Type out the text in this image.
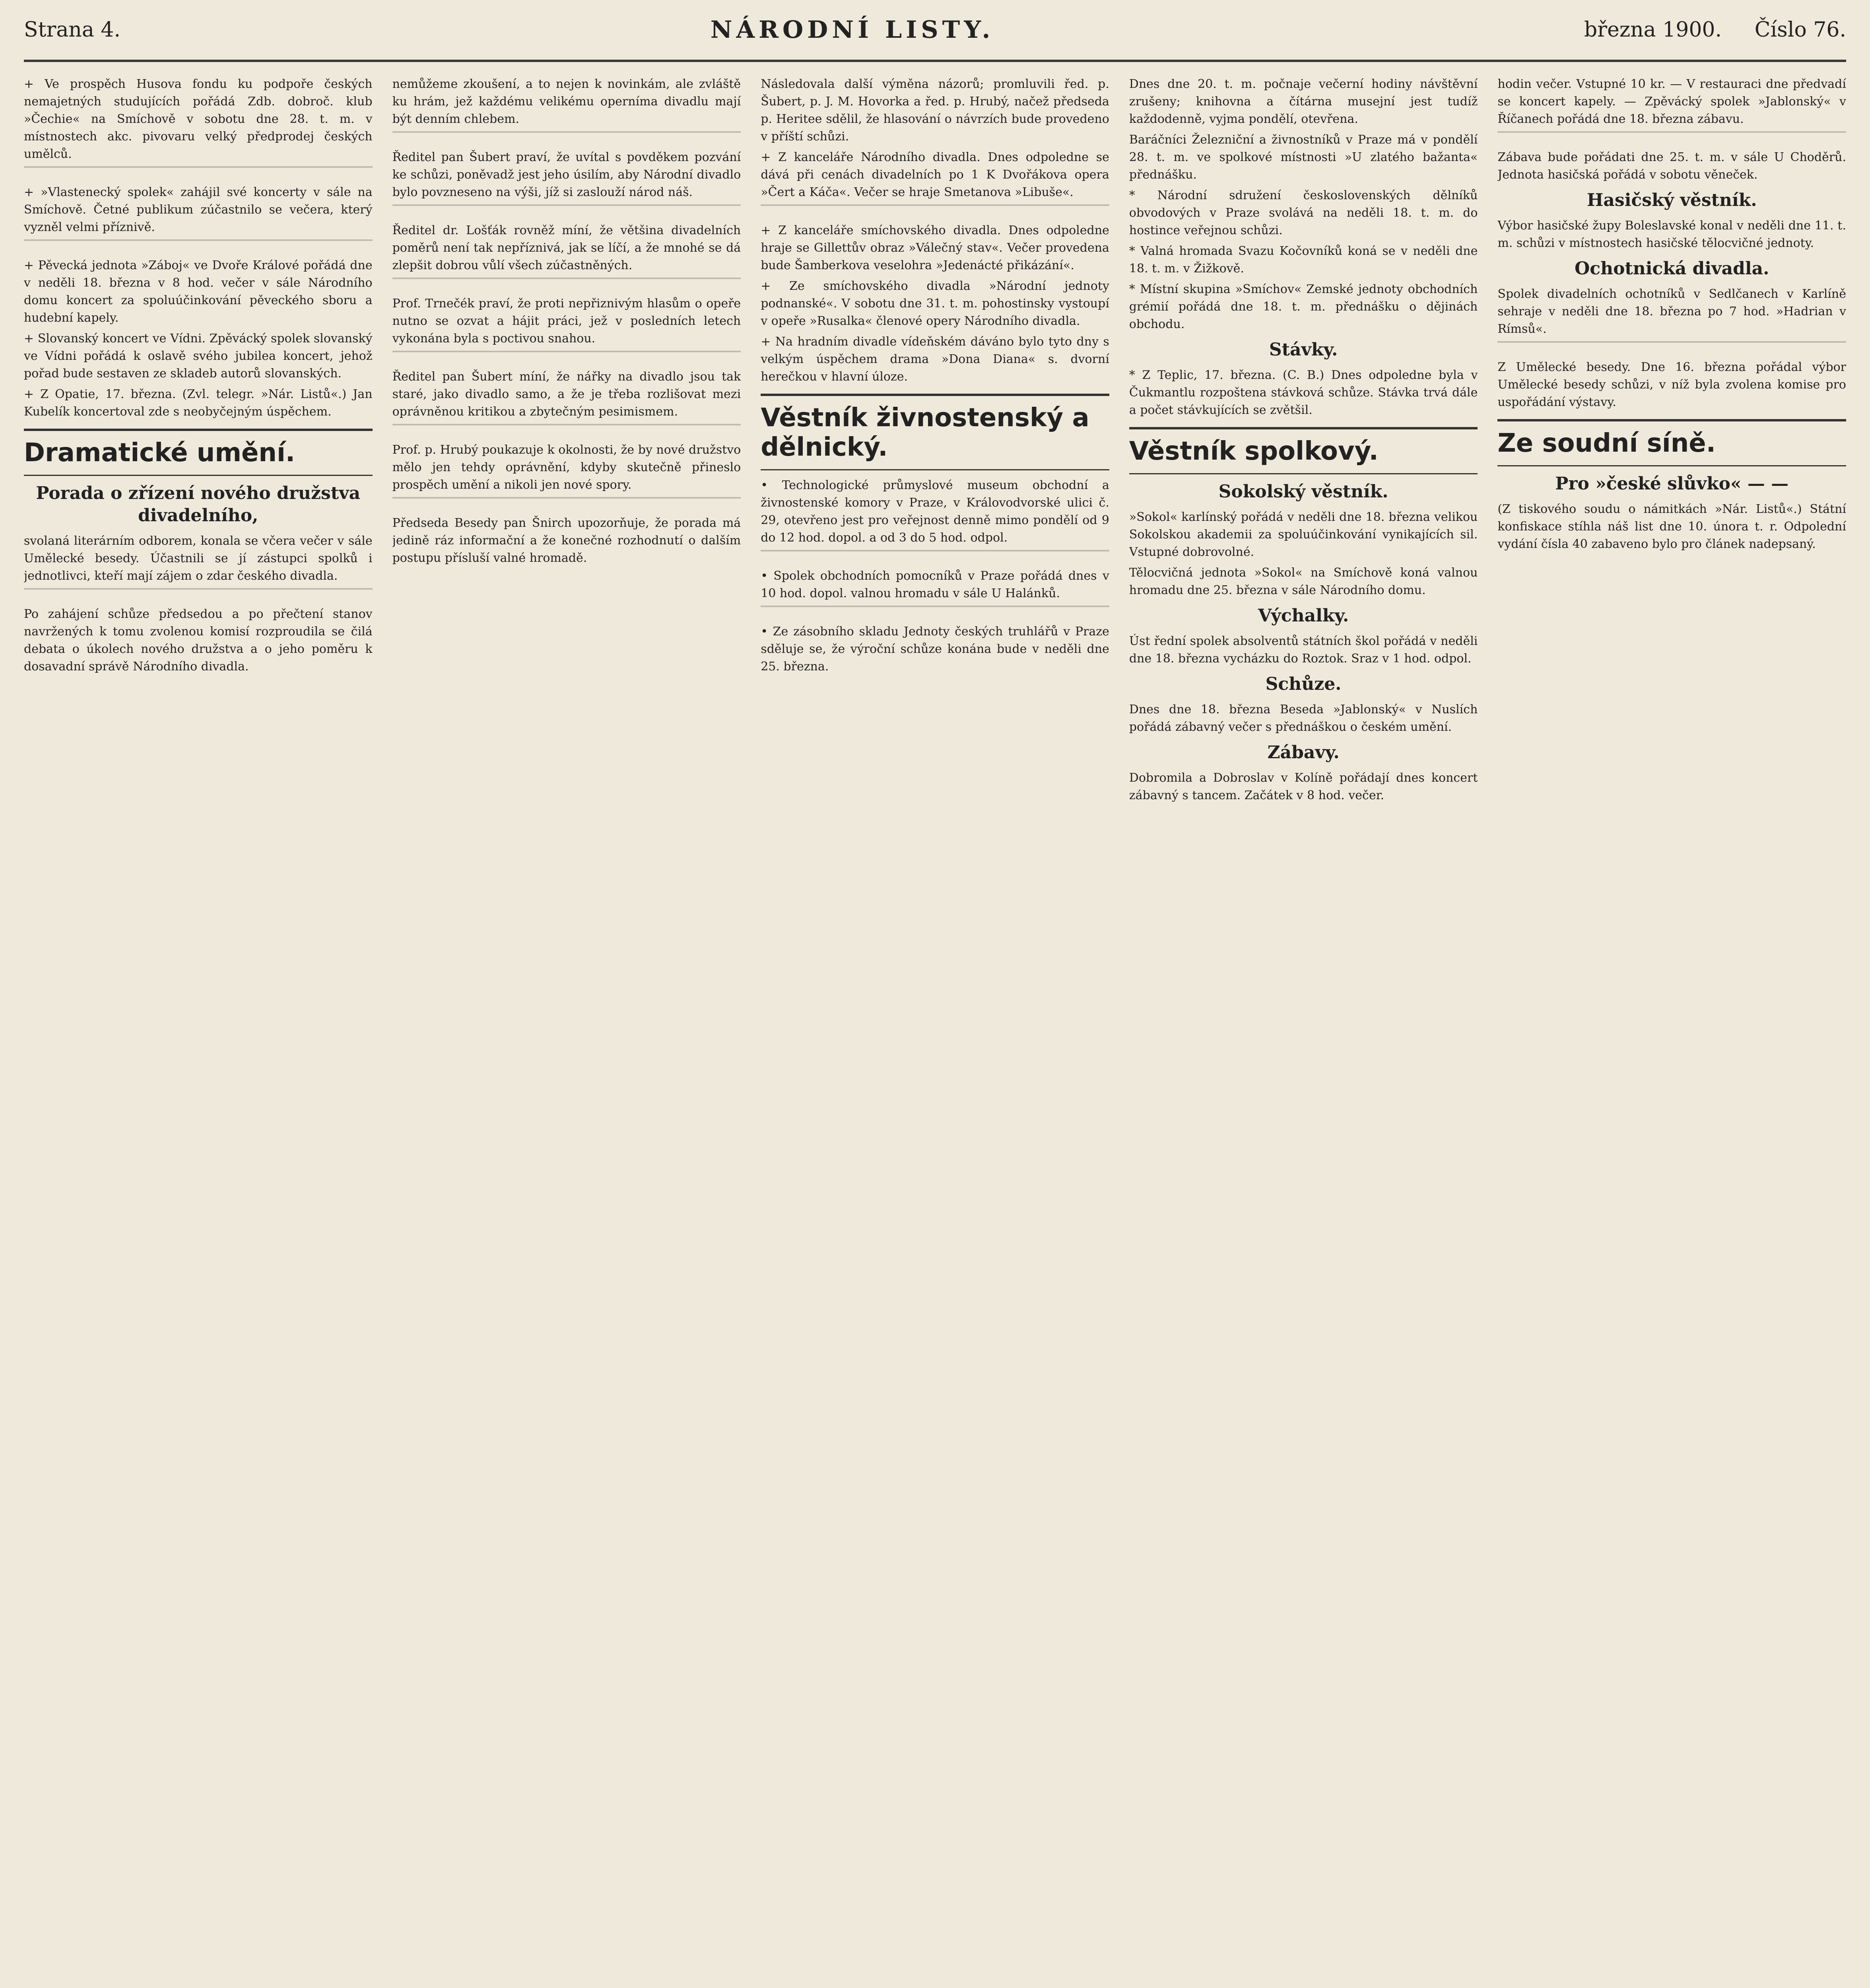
Strana 4.	NÁRODNÍ LISTY.	březnа 1900. Číslo 76.

+ Ve prospěch Husova fondu ku podpoře českých nemajetných studujících pořádá Zdb. dobroč. klub »Čechie« na Smíchově v sobotu dne 28. t. m. v místnostech akc. pivovaru velký předprodej českých umělců.

+ »Vlastenecký spolek« zahájil své koncerty v sále na Smíchově. Četné publikum zúčastnilo se večera, který vyzněl velmi příznivě.

+ Pěvecká jednota »Záboj« ve Dvoře Králové pořádá dne v neděli 18. března v 8 hod. večer v sále Národního domu koncert za spoluúčinkování pěveckého sboru a hudební kapely.

+ Slovanský koncert ve Vídni. Zpěvácký spolek slovanský ve Vídni pořádá k oslavě svého jubilea koncert, jehož pořad bude sestaven ze skladeb autorů slovanských.

+ Z Opatie, 17. března. (Zvl. telegr. »Nár. Listů«.) Jan Kubelík koncertoval zde s neobyčejným úspěchem.

Dramatické umění.
Porada o zřízení nového družstva divadelního,

svolaná literárním odborem, konala se včera večer v sále Umělecké besedy. Účastnili se jí zástupci spolků i jednotlivci, kteří mají zájem o zdar českého divadla.

Po zahájení schůze předsedou a po přečtení stanov navržených k tomu zvolenou komisí rozproudila se čilá debata o úkolech nového družstva a o jeho poměru k dosavadní správě Národního divadla.

nemůžeme zkoušení, a to nejen k novinkám, ale zvláště ku hrám, jež každému velikému operníma divadlu mají být denním chlebem.

Ředitel pan Šubert praví, že uvítal s povděkem pozvání ke schůzi, poněvadž jest jeho úsilím, aby Národní divadlo bylo povzneseno na výši, jíž si zaslouží národ náš.

Ředitel dr. Lošťák rovněž míní, že většina divadelních poměrů není tak nepříznivá, jak se líčí, a že mnohé se dá zlepšit dobrou vůlí všech zúčastněných.

Prof. Trnečék praví, že proti nepřiznivým hlasům o opeře nutno se ozvat a hájit práci, jež v posledních letech vykonána byla s poctivou snahou.

Ředitel pan Šubert míní, že nářky na divadlo jsou tak staré, jako divadlo samo, a že je třeba rozlišovat mezi oprávněnou kritikou a zbytečným pesimismem.

Prof. p. Hrubý poukazuje k okolnosti, že by nové družstvo mělo jen tehdy oprávnění, kdyby skutečně přineslo prospěch umění a nikoli jen nové spory.

Předseda Besedy pan Šnirch upozorňuje, že porada má jedině ráz informační a že konečné rozhodnutí o dalším postupu přísluší valné hromadě.

Následovala další výměna názorů; promluvili řed. p. Šubert, p. J. M. Hovorka a řed. p. Hrubý, načež předseda p. Heritee sdělil, že hlasování o návrzích bude provedeno v příští schůzi.

+ Z kanceláře Národního divadla. Dnes odpoledne se dává při cenách divadelních po 1 K Dvořákova opera »Čert a Káča«. Večer se hraje Smetanova »Libuše«.

+ Z kanceláře smíchovského divadla. Dnes odpoledne hraje se Gillettův obraz »Válečný stav«. Večer provedena bude Šamberkova veselohra »Jedenácté přikázání«.

+ Ze smíchovského divadla »Národní jednoty podnanské«. V sobotu dne 31. t. m. pohostinsky vystoupí v opeře »Rusalka« členové opery Národního divadla.

+ Na hradním divadle vídeňském dáváno bylo tyto dny s velkým úspěchem drama »Dona Diana« s. dvorní herečkou v hlavní úloze.

Věstník živnostenský a dělnický.

• Technologické průmyslové museum obchodní a živnostenské komory v Praze, v Královodvorské ulici č. 29, otevřeno jest pro veřejnost denně mimo pondělí od 9 do 12 hod. dopol. a od 3 do 5 hod. odpol.

• Spolek obchodních pomocníků v Praze pořádá dnes v 10 hod. dopol. valnou hromadu v sále U Halánků.

• Ze zásobního skladu Jednoty českých truhlářů v Praze sděluje se, že výroční schůze konána bude v neděli dne 25. března.

Dnes dne 20. t. m. počnaje večerní hodiny návštěvní zrušeny; knihovna a čítárna musejní jest tudíž každodenně, vyjma pondělí, otevřena.

Baráčníci Železniční a živnostníků v Praze má v pondělí 28. t. m. ve spolkové místnosti »U zlatého bažanta« přednášku.

* Národní sdružení československých dělníků obvodových v Praze svolává na neděli 18. t. m. do hostince veřejnou schůzi.

* Valná hromada Svazu Kočovníků koná se v neděli dne 18. t. m. v Žižkově.

* Místní skupina »Smíchov« Zemské jednoty obchodních grémií pořádá dne 18. t. m. přednášku o dějinách obchodu.

Stávky.

* Z Teplic, 17. března. (C. B.) Dnes odpoledne byla v Čukmantlu rozpoštena stávková schůze. Stávka trvá dále a počet stávkujících se zvětšil.

Věstník spolkový.
Sokolský věstník.

»Sokol« karlínský pořádá v neděli dne 18. března velikou Sokolskou akademii za spoluúčinkování vynikajících sil. Vstupné dobrovolné.

Tělocvičná jednota »Sokol« na Smíchově koná valnou hromadu dne 25. března v sále Národního domu.

Výchalky.

Úst řední spolek absolventů státních škol pořádá v neděli dne 18. března vycházku do Roztok. Sraz v 1 hod. odpol.

Schůze.

Dnes dne 18. března Beseda »Jablonský« v Nuslích pořádá zábavný večer s přednáškou o českém umění.

Zábavy.

Dobromila a Dobroslav v Kolíně pořádají dnes koncert zábavný s tancem. Začátek v 8 hod. večer.

hodin večer. Vstupné 10 kr. — V restauraci dne předvadí se koncert kapely. — Zpěvácký spolek »Jablonský« v Říčanech pořádá dne 18. března zábavu.

Zábava bude pořádati dne 25. t. m. v sále U Choděrů. Jednota hasičská pořádá v sobotu věneček.

Hasičský věstník.

Výbor hasičské župy Boleslavské konal v neděli dne 11. t. m. schůzi v místnostech hasičské tělocvičné jednoty.

Ochotnická divadla.

Spolek divadelních ochotníků v Sedlčanech v Karlíně sehraje v neděli dne 18. března po 7 hod. »Hadrian v Rímsů«.

Z Umělecké besedy. Dne 16. března pořádal výbor Umělecké besedy schůzi, v níž byla zvolena komise pro uspořádání výstavy.

Ze soudní síně.
Pro »české slůvko« — —

(Z tiskového soudu o námitkách »Nár. Listů«.) Státní konfiskace stíhla náš list dne 10. února t. r. Odpolední vydání čísla 40 zabaveno bylo pro článek nadepsaný.
